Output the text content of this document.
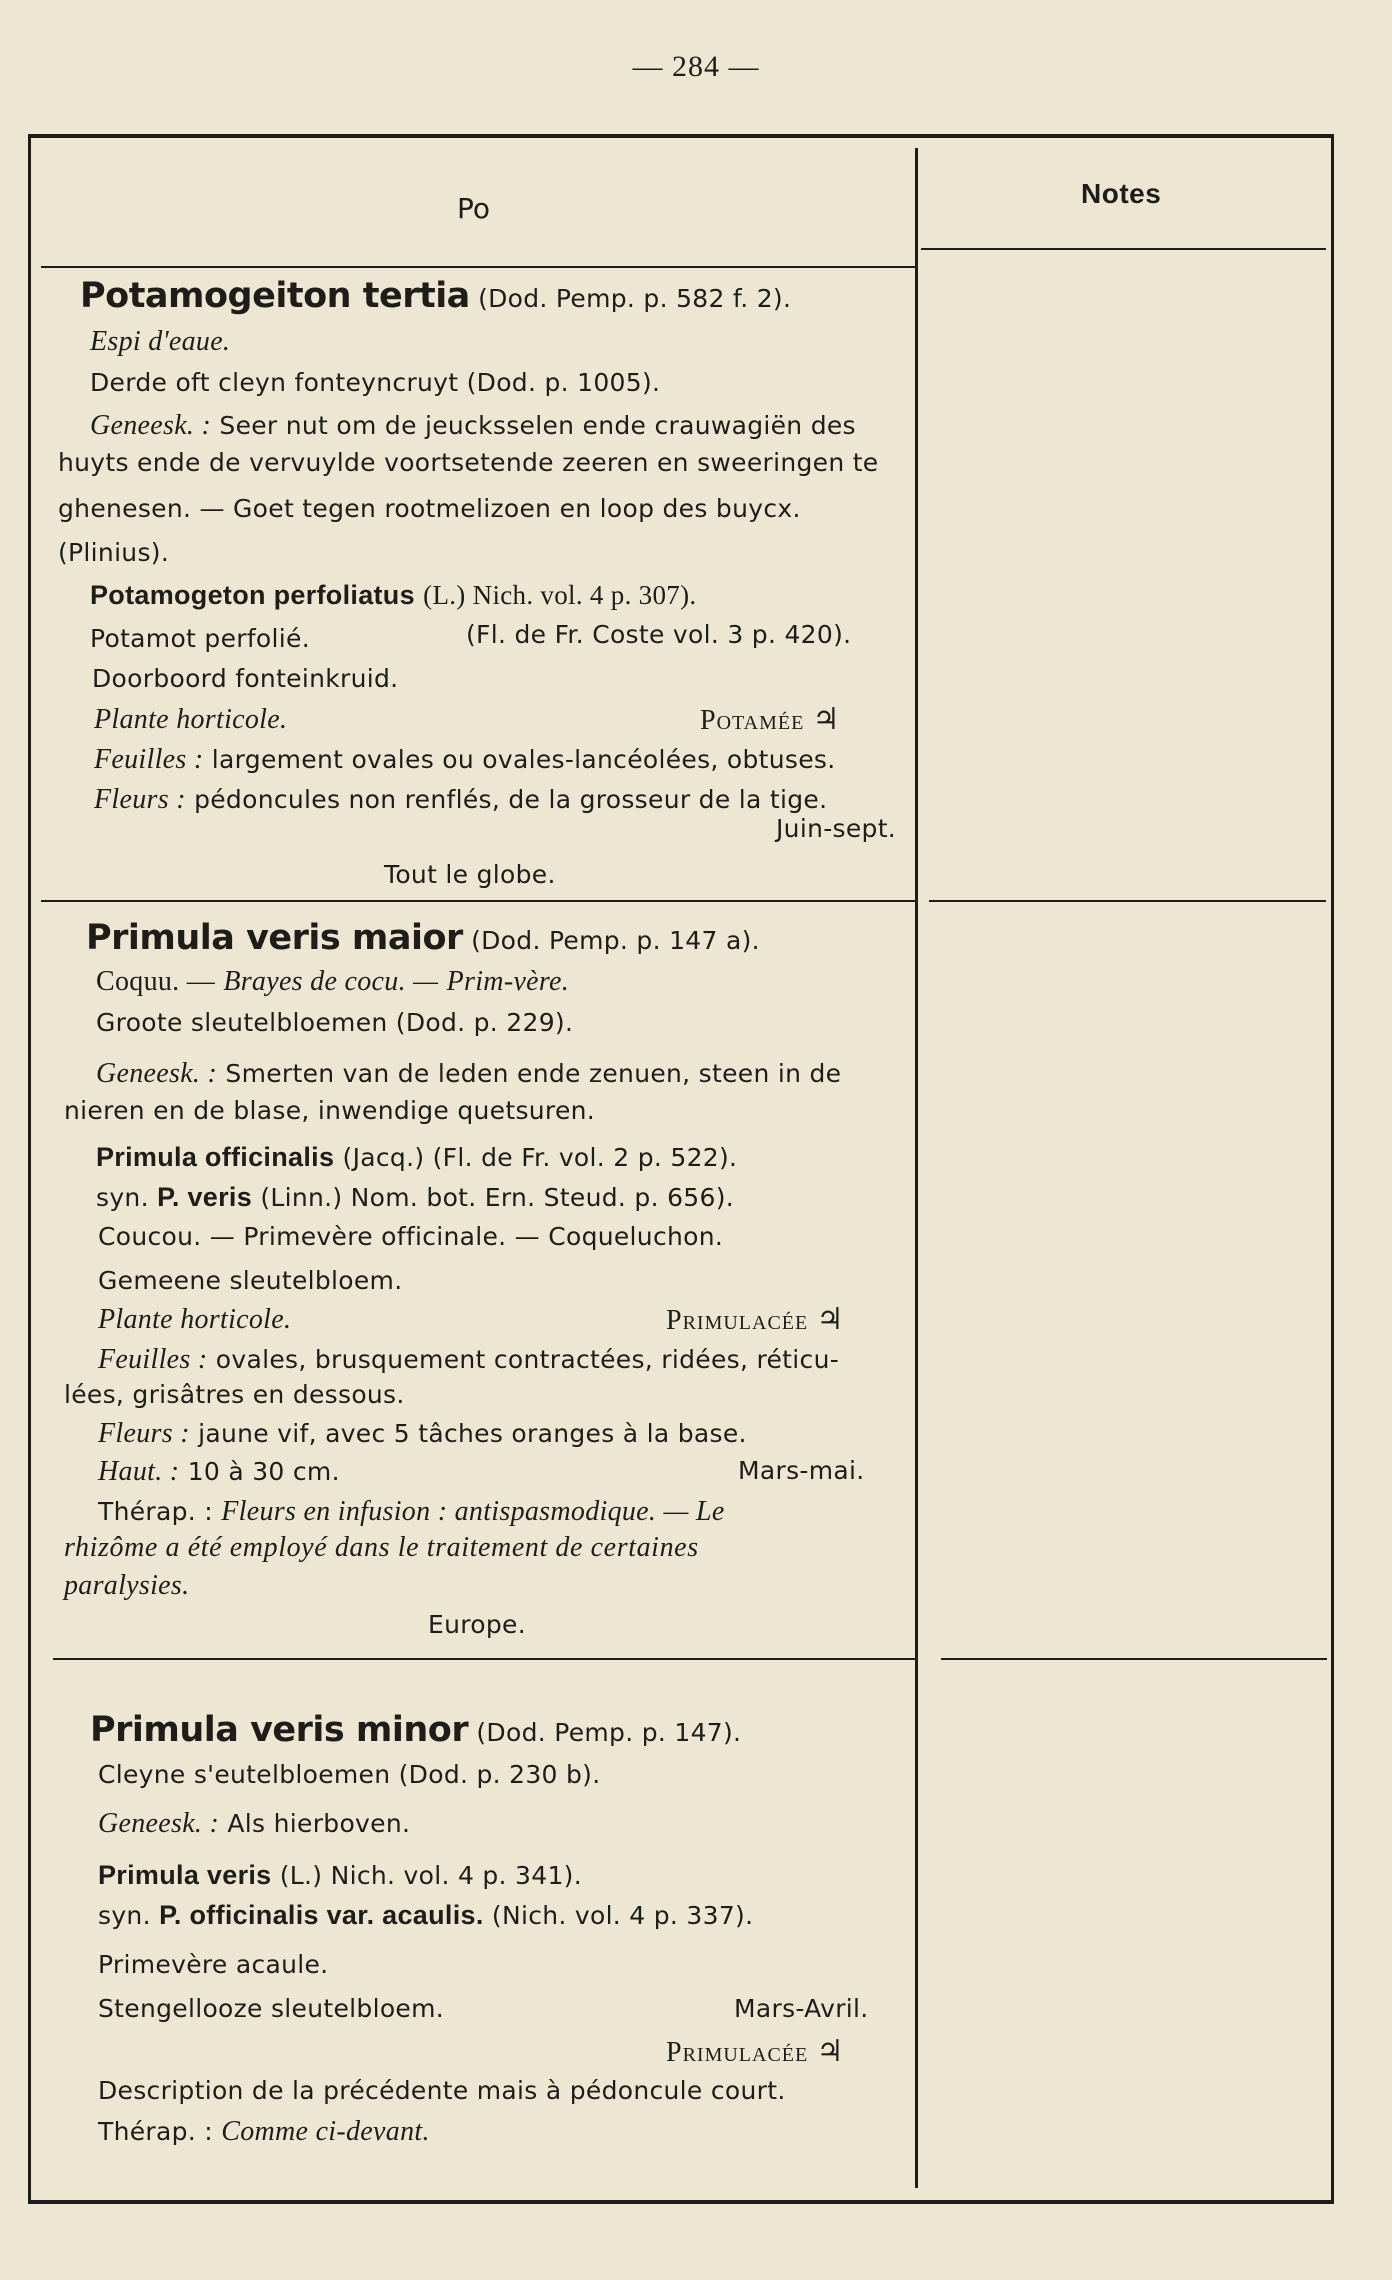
— 284 —
Po	Notes
Potamogeiton tertia (Dod. Pemp. p. 582 f. 2).
Espi d'eaue.
Derde oft cleyn fonteyncruyt (Dod. p. 1005).
Geneesk. : Seer nut om de jeucksselen ende crauwagiën des
huyts ende de vervuylde voortsetende zeeren en sweeringen te
ghenesen. — Goet tegen rootmelizoen en loop des buycx.
(Plinius).
Potamogeton perfoliatus (L.) Nich. vol. 4 p. 307).
Potamot perfolié.	(Fl. de Fr. Coste vol. 3 p. 420).
Doorboord fonteinkruid.
Plante horticole.	Potamée ♃
Feuilles : largement ovales ou ovales-lancéolées, obtuses.
Fleurs : pédoncules non renflés, de la grosseur de la tige.
Juin-sept.
Tout le globe.
Primula veris maior (Dod. Pemp. p. 147 a).
Coquu. — Brayes de cocu. — Prim-vère.
Groote sleutelbloemen (Dod. p. 229).
Geneesk. : Smerten van de leden ende zenuen, steen in de
nieren en de blase, inwendige quetsuren.
Primula officinalis (Jacq.) (Fl. de Fr. vol. 2 p. 522).
syn. P. veris (Linn.) Nom. bot. Ern. Steud. p. 656).
Coucou. — Primevère officinale. — Coqueluchon.
Gemeene sleutelbloem.
Plante horticole.	Primulacée ♃
Feuilles : ovales, brusquement contractées, ridées, réticu-
lées, grisâtres en dessous.
Fleurs : jaune vif, avec 5 tâches oranges à la base.
Haut. : 10 à 30 cm.	Mars-mai.
Thérap. : Fleurs en infusion : antispasmodique. — Le
rhizôme a été employé dans le traitement de certaines
paralysies.
Europe.
Primula veris minor (Dod. Pemp. p. 147).
Cleyne s'eutelbloemen (Dod. p. 230 b).
Geneesk. : Als hierboven.
Primula veris (L.) Nich. vol. 4 p. 341).
syn. P. officinalis var. acaulis. (Nich. vol. 4 p. 337).
Primevère acaule.
Stengellooze sleutelbloem.	Mars-Avril.
Primulacée ♃
Description de la précédente mais à pédoncule court.
Thérap. : Comme ci-devant.
